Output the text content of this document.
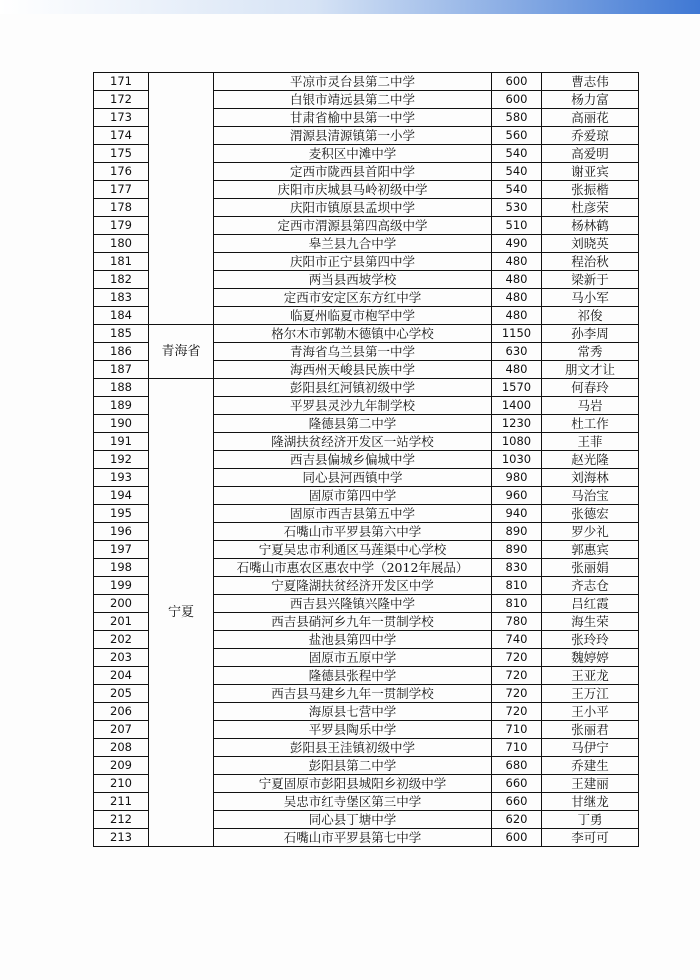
171		平凉市灵台县第二中学	600	曹志伟
172		白银市靖远县第二中学	600	杨力富
173		甘肃省榆中县第一中学	580	高丽花
174		渭源县清源镇第一小学	560	乔爱琼
175		麦积区中滩中学	540	高爱明
176		定西市陇西县首阳中学	540	谢亚宾
177		庆阳市庆城县马岭初级中学	540	张振楷
178		庆阳市镇原县孟坝中学	530	杜彦荣
179		定西市渭源县第四高级中学	510	杨林鹤
180		皋兰县九合中学	490	刘晓英
181		庆阳市正宁县第四中学	480	程治秋
182		两当县西坡学校	480	梁新于
183		定西市安定区东方红中学	480	马小军
184		临夏州临夏市枹罕中学	480	祁俊
185	青海省	格尔木市郭勒木德镇中心学校	1150	孙李周
186		青海省乌兰县第一中学	630	常秀
187		海西州天峻县民族中学	480	朋文才让
188	宁夏	彭阳县红河镇初级中学	1570	何春玲
189		平罗县灵沙九年制学校	1400	马岩
190		隆德县第二中学	1230	杜工作
191		隆湖扶贫经济开发区一站学校	1080	王菲
192		西吉县偏城乡偏城中学	1030	赵光隆
193		同心县河西镇中学	980	刘海林
194		固原市第四中学	960	马治宝
195		固原市西吉县第五中学	940	张德宏
196		石嘴山市平罗县第六中学	890	罗少礼
197		宁夏吴忠市利通区马莲渠中心学校	890	郭惠宾
198		石嘴山市惠农区惠农中学（2012年展品）	830	张丽娟
199		宁夏隆湖扶贫经济开发区中学	810	齐志仓
200		西吉县兴隆镇兴隆中学	810	吕红霞
201		西吉县硝河乡九年一贯制学校	780	海生荣
202		盐池县第四中学	740	张玲玲
203		固原市五原中学	720	魏婷婷
204		隆德县张程中学	720	王亚龙
205		西吉县马建乡九年一贯制学校	720	王万江
206		海原县七营中学	720	王小平
207		平罗县陶乐中学	710	张丽君
208		彭阳县王洼镇初级中学	710	马伊宁
209		彭阳县第二中学	680	乔建生
210		宁夏固原市彭阳县城阳乡初级中学	660	王建丽
211		吴忠市红寺堡区第三中学	660	甘继龙
212		同心县丁塘中学	620	丁勇
213		石嘴山市平罗县第七中学	600	李可可
